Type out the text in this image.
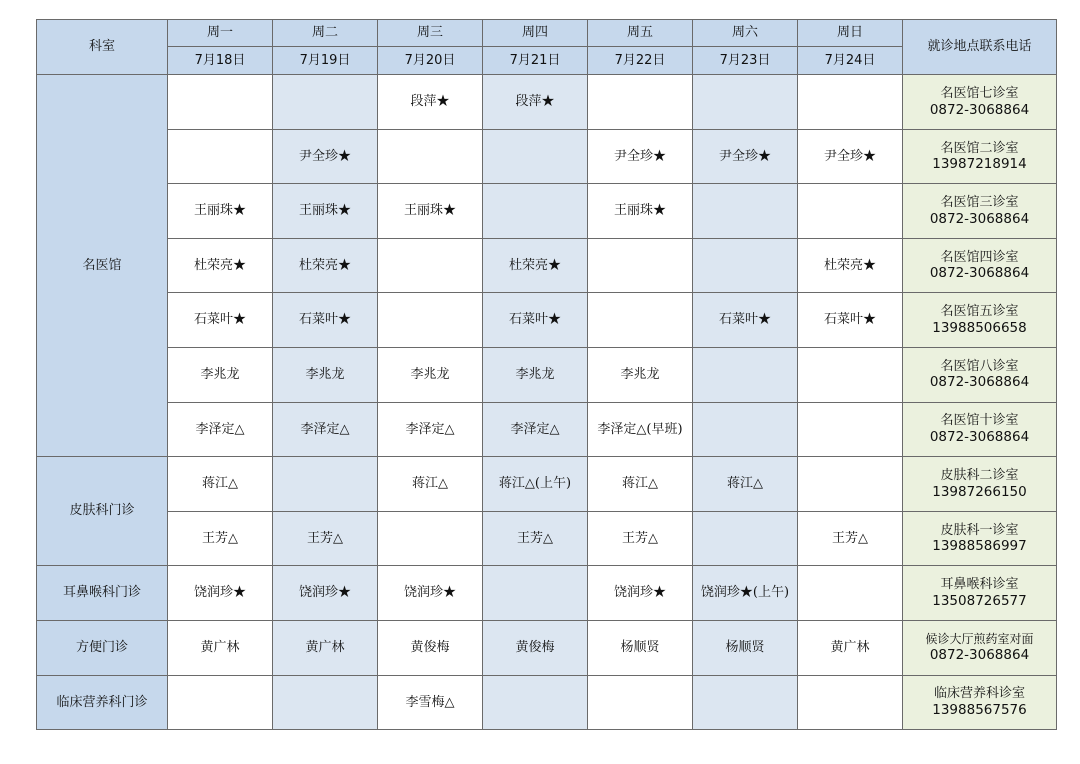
科室	周一	周二	周三	周四	周五	周六	周日	就诊地点联系电话
	7月18日	7月19日	7月20日	7月21日	7月22日	7月23日	7月24日	
名医馆			段萍★	段萍★				名医馆七诊室
0872-3068864

		尹全珍★			尹全珍★	尹全珍★	尹全珍★	名医馆二诊室
13987218914

	王丽珠★	王丽珠★	王丽珠★		王丽珠★			名医馆三诊室
0872-3068864

	杜荣亮★	杜荣亮★		杜荣亮★			杜荣亮★	名医馆四诊室
0872-3068864

	石菜叶★	石菜叶★		石菜叶★		石菜叶★	石菜叶★	名医馆五诊室
13988506658

	李兆龙	李兆龙	李兆龙	李兆龙	李兆龙			名医馆八诊室
0872-3068864

	李泽定△	李泽定△	李泽定△	李泽定△	李泽定△(早班)			名医馆十诊室
0872-3068864

皮肤科门诊	蒋江△		蒋江△	蒋江△(上午)	蒋江△	蒋江△		皮肤科二诊室
13987266150

	王芳△	王芳△		王芳△	王芳△		王芳△	皮肤科一诊室
13988586997

耳鼻喉科门诊	饶润珍★	饶润珍★	饶润珍★		饶润珍★	饶润珍★(上午)		耳鼻喉科诊室
13508726577

方便门诊	黄广林	黄广林	黄俊梅	黄俊梅	杨顺贤	杨顺贤	黄广林	候诊大厅煎药室对面
0872-3068864

临床营养科门诊			李雪梅△					临床营养科诊室
13988567576
